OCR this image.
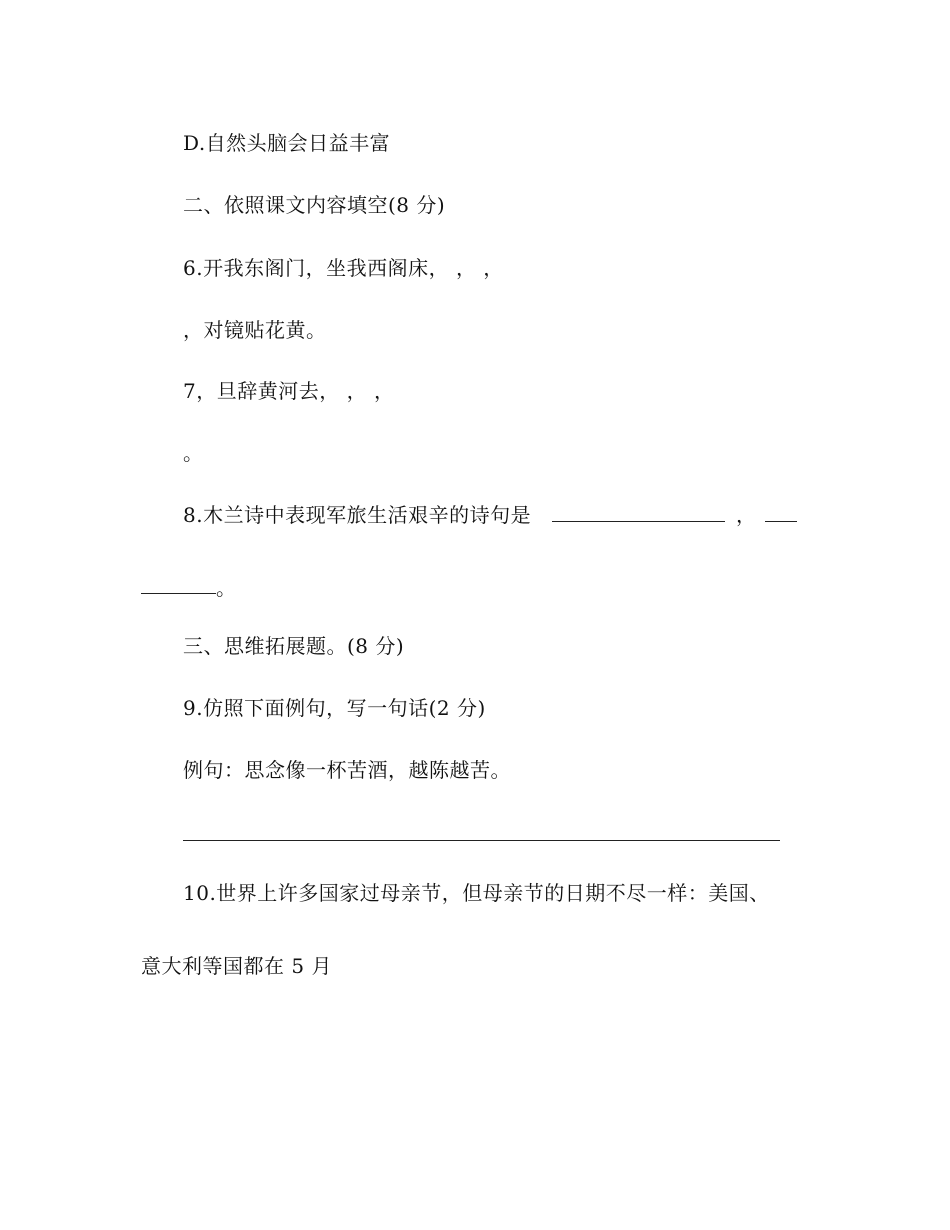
D.自然头脑会日益丰富
二、依照课文内容填空(8 分)
6.开我东阁门，坐我西阁床， ， ，
，对镜贴花黄。
7，旦辞黄河去， ， ，
。
8.木兰诗中表现军旅生活艰辛的诗句是	，
。
三、思维拓展题。(8 分)
9.仿照下面例句，写一句话(2 分)
例句：思念像一杯苦酒，越陈越苦。
10.世界上许多国家过母亲节，但母亲节的日期不尽一样：美国、
意大利等国都在 5 月
